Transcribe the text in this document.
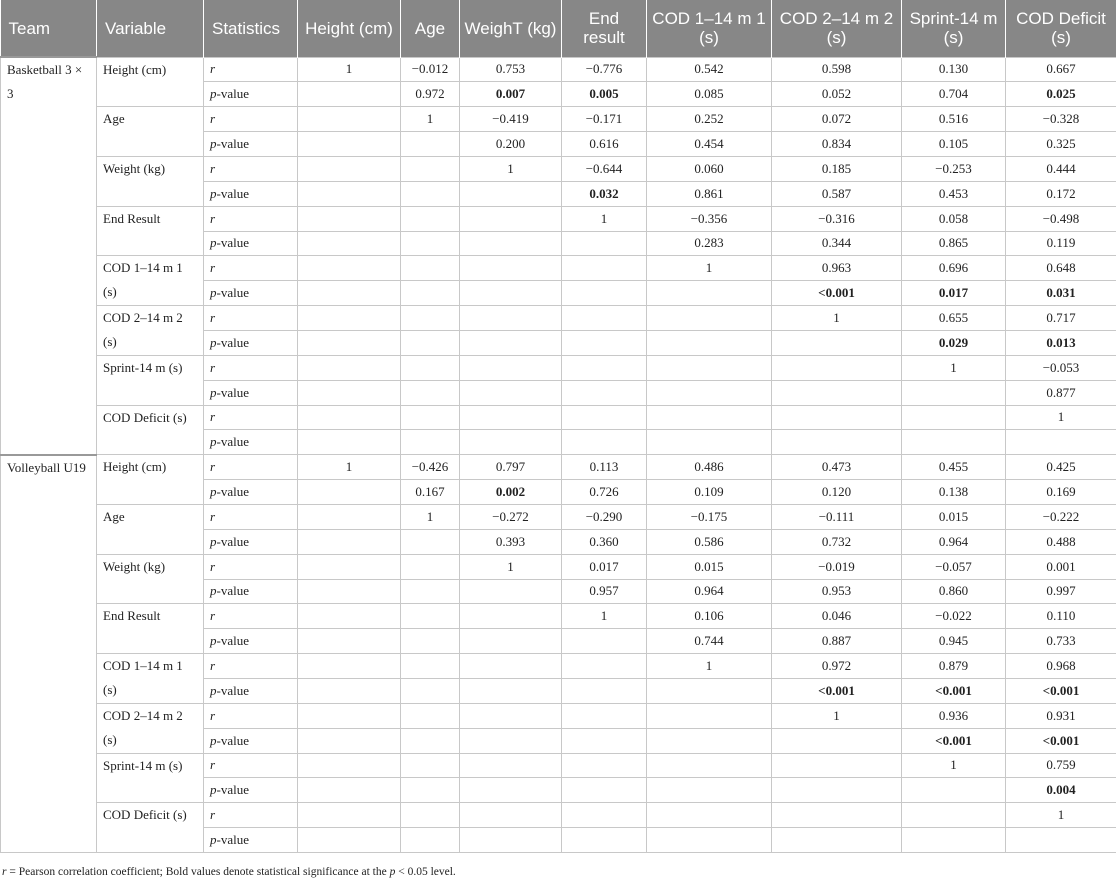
Team	Variable	Statistics	Height (cm)	Age	WeighT (kg)	End result	COD 1–14 m 1 (s)	COD 2–14 m 2 (s)	Sprint-14 m (s)	COD Deficit (s)
Basketball 3 × 3	Height (cm)	r	1	−0.012	0.753	−0.776	0.542	0.598	0.130	0.667
		p-value		0.972	0.007	0.005	0.085	0.052	0.704	0.025
	Age	r		1	−0.419	−0.171	0.252	0.072	0.516	−0.328
		p-value			0.200	0.616	0.454	0.834	0.105	0.325
	Weight (kg)	r			1	−0.644	0.060	0.185	−0.253	0.444
		p-value				0.032	0.861	0.587	0.453	0.172
	End Result	r				1	−0.356	−0.316	0.058	−0.498
		p-value					0.283	0.344	0.865	0.119
	COD 1–14 m 1 (s)	r					1	0.963	0.696	0.648
		p-value						<0.001	0.017	0.031
	COD 2–14 m 2 (s)	r						1	0.655	0.717
		p-value							0.029	0.013
	Sprint-14 m (s)	r							1	−0.053
		p-value								0.877
	COD Deficit (s)	r								1
		p-value								
Volleyball U19	Height (cm)	r	1	−0.426	0.797	0.113	0.486	0.473	0.455	0.425
		p-value		0.167	0.002	0.726	0.109	0.120	0.138	0.169
	Age	r		1	−0.272	−0.290	−0.175	−0.111	0.015	−0.222
		p-value			0.393	0.360	0.586	0.732	0.964	0.488
	Weight (kg)	r			1	0.017	0.015	−0.019	−0.057	0.001
		p-value				0.957	0.964	0.953	0.860	0.997
	End Result	r				1	0.106	0.046	−0.022	0.110
		p-value					0.744	0.887	0.945	0.733
	COD 1–14 m 1 (s)	r					1	0.972	0.879	0.968
		p-value						<0.001	<0.001	<0.001
	COD 2–14 m 2 (s)	r						1	0.936	0.931
		p-value							<0.001	<0.001
	Sprint-14 m (s)	r							1	0.759
		p-value								0.004
	COD Deficit (s)	r								1
		p-value								
r = Pearson correlation coefficient; Bold values denote statistical significance at the p < 0.05 level.
